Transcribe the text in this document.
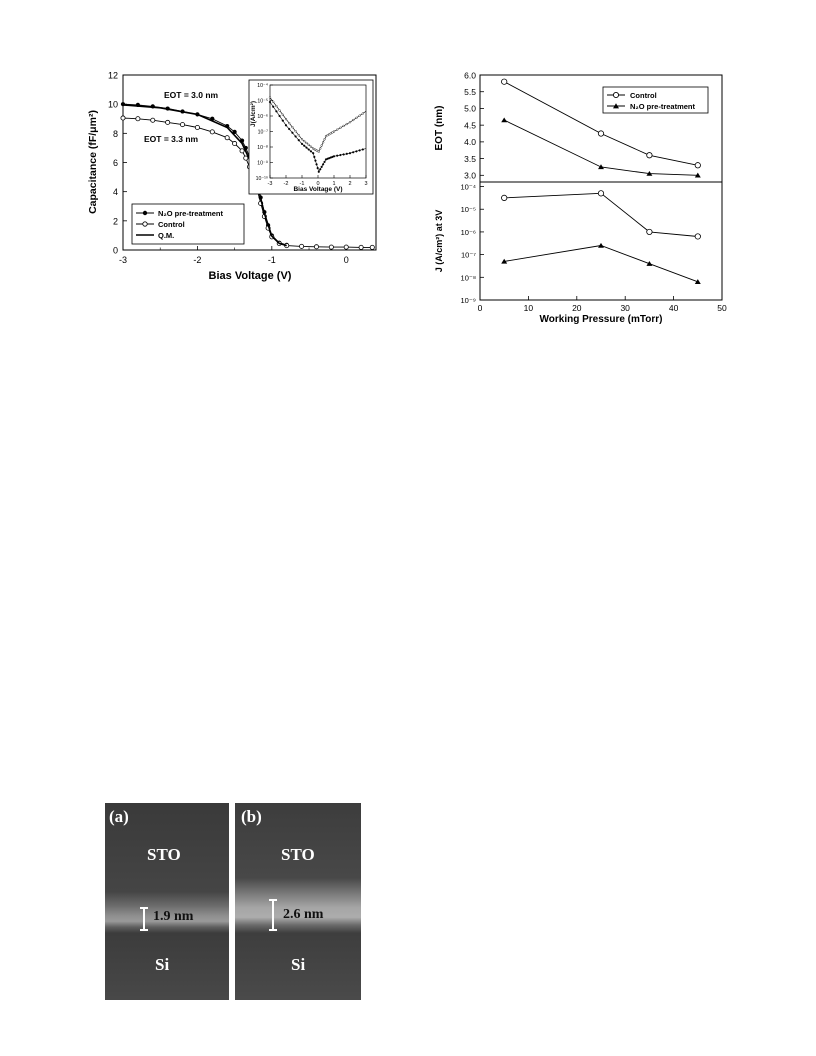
0
2
4
6
8
10
12
-3	-2	-1	0
Capacitance (fF/μm²)
Bias Voltage (V)
EOT = 3.0 nm
EOT = 3.3 nm
N₂O pre-treatment
Control
Q.M.
10⁻⁴
10⁻⁵
10⁻⁶
10⁻⁷
10⁻⁸
10⁻⁹
10⁻¹⁰
-3 -2 -1 0 1 2 3
J(A/cm²)
Bias Voltage (V)
6.0
5.5
5.0
4.5
4.0
3.5
3.0
10⁻⁴
10⁻⁵
10⁻⁶
10⁻⁷
10⁻⁸
10⁻⁹
0	10	20	30	40	50
EOT (nm)
J (A/cm²) at 3V
Working Pressure (mTorr)
Control
N₂O pre-treatment
(a)
STO
Si
1.9 nm
(b)
STO
Si
2.6 nm
